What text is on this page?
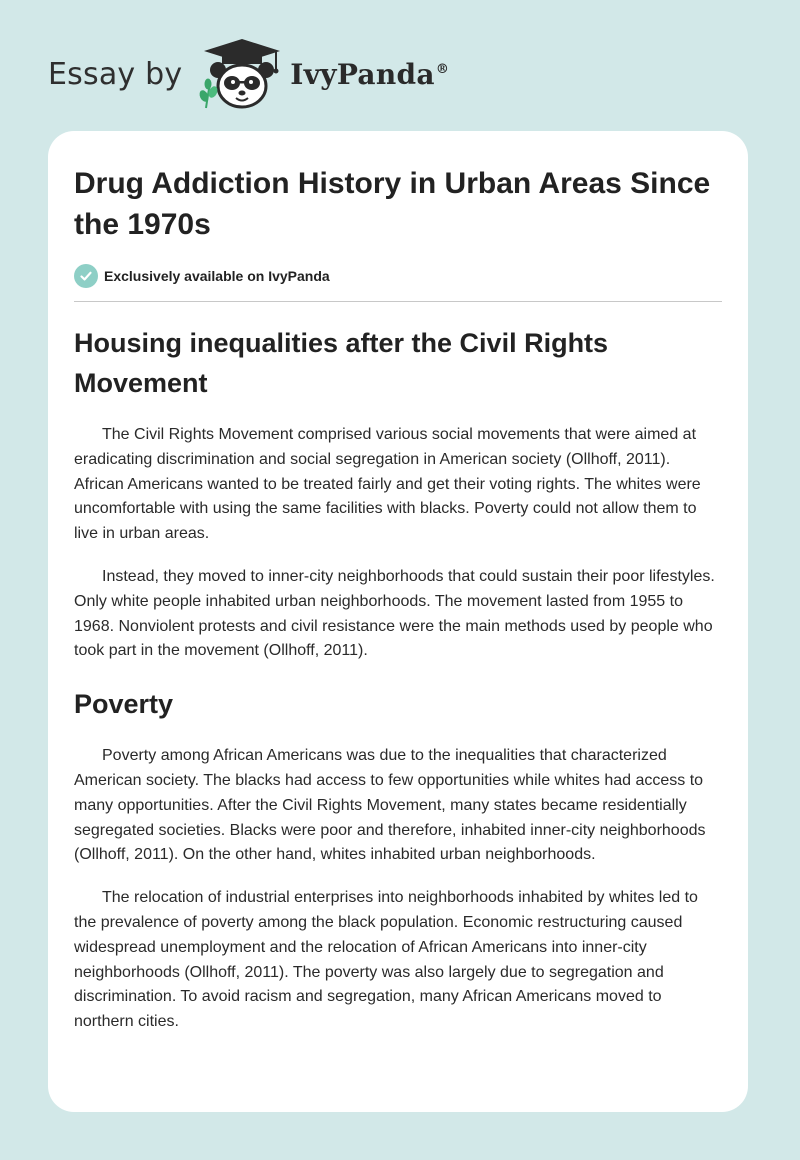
Essay by	IvyPanda®
Drug Addiction History in Urban Areas Since the 1970s
Exclusively available on IvyPanda
Housing inequalities after the Civil Rights Movement

The Civil Rights Movement comprised various social movements that were aimed at eradicating discrimination and social segregation in American society (Ollhoff, 2011). African Americans wanted to be treated fairly and get their voting rights. The whites were uncomfortable with using the same facilities with blacks. Poverty could not allow them to live in urban areas.

Instead, they moved to inner-city neighborhoods that could sustain their poor lifestyles. Only white people inhabited urban neighborhoods. The movement lasted from 1955 to 1968. Nonviolent protests and civil resistance were the main methods used by people who took part in the movement (Ollhoff, 2011).

Poverty

Poverty among African Americans was due to the inequalities that characterized American society. The blacks had access to few opportunities while whites had access to many opportunities. After the Civil Rights Movement, many states became residentially segregated societies. Blacks were poor and therefore, inhabited inner-city neighborhoods (Ollhoff, 2011). On the other hand, whites inhabited urban neighborhoods.

The relocation of industrial enterprises into neighborhoods inhabited by whites led to the prevalence of poverty among the black population. Economic restructuring caused widespread unemployment and the relocation of African Americans into inner-city neighborhoods (Ollhoff, 2011). The poverty was also largely due to segregation and discrimination. To avoid racism and segregation, many African Americans moved to northern cities.
